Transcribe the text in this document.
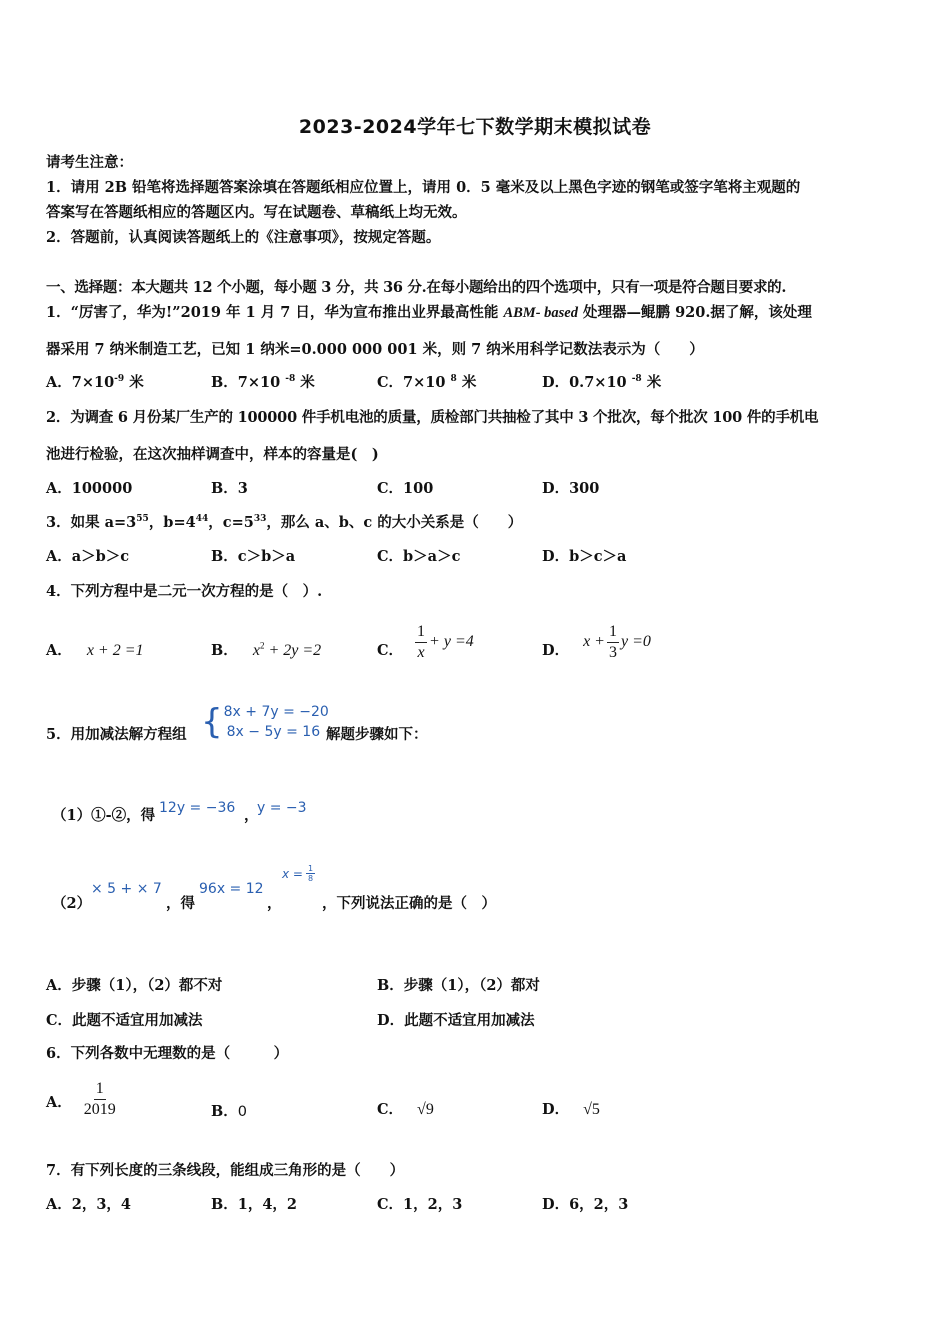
2023-2024学年七下数学期末模拟试卷
请考生注意：
1．请用 2B 铅笔将选择题答案涂填在答题纸相应位置上，请用 0．5 毫米及以上黑色字迹的钢笔或签字笔将主观题的
答案写在答题纸相应的答题区内。写在试题卷、草稿纸上均无效。
2．答题前，认真阅读答题纸上的《注意事项》，按规定答题。
一、选择题：本大题共 12 个小题，每小题 3 分，共 36 分.在每小题给出的四个选项中，只有一项是符合题目要求的.
1．“厉害了，华为!”2019 年 1 月 7 日，华为宣布推出业界最高性能 ABM- based 处理器—鲲鹏 920.据了解，该处理
器采用 7 纳米制造工艺，已知 1 纳米=0.000 000 001 米，则 7 纳米用科学记数法表示为（　　）
A．$7\times 10^{-9}$ 米	B．7×10 $^{-8}$ 米	C．7×10 $^8$ 米	D．0.7×10 $^{-8}$ 米
2．为调查 6 月份某厂生产的 100000 件手机电池的质量，质检部门共抽检了其中 3 个批次，每个批次 100 件的手机电
池进行检验，在这次抽样调查中，样本的容量是(　)
A．100000	B．3	C．100	D．300
3．如果 $a=3^{55}$，$b=4^{44}$，$c=5^{33}$，那么 a、b、c 的大小关系是（　　）
A．a＞b＞c	B．c＞b＞a	C．b＞a＞c	D．b＞c＞a
4．下列方程中是二元一次方程的是（　）.
A． x + 2 =1	B． $x^2 + 2y =2$	C． $\frac{1}{x} + y =4$
D．
$x + \frac{1}{3}$ y =0
5．用加减法解方程组 { 8x + 7y = −20
8x − 5y = 16 解题步骤如下：
（1）①-②，得 12y = −36 ，
y = −3
（2）
× 5 + × 7
，得
96x = 12
，
$x = \frac{1}{8}$
，下列说法正确的是（　）
A．步骤（1），（2）都不对	B．步骤（1），（2）都对
C．此题不适宜用加减法	D．此题不适宜用加减法
6．下列各数中无理数的是（　　　）
A． $\frac{1}{2019}$	B．0	C． √9	D． √5
7．有下列长度的三条线段，能组成三角形的是（　　）
A．2，3，4	B．1，4，2	C．1，2，3	D．6，2，3
